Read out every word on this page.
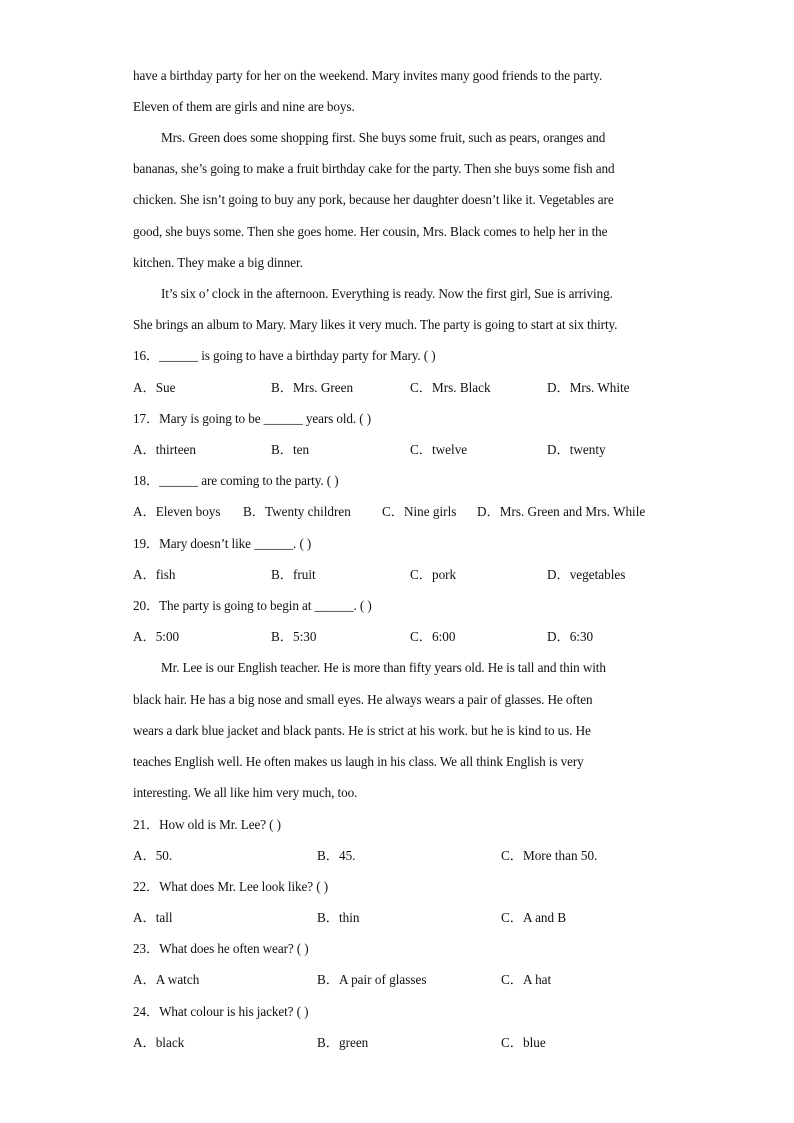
have a birthday party for her on the weekend. Mary invites many good friends to the party.
Eleven of them are girls and nine are boys.
Mrs. Green does some shopping first. She buys some fruit, such as pears, oranges and
bananas, she’s going to make a fruit birthday cake for the party. Then she buys some fish and
chicken. She isn’t going to buy any pork, because her daughter doesn’t like it. Vegetables are
good, she buys some. Then she goes home. Her cousin, Mrs. Black comes to help her in the
kitchen. They make a big dinner.
It’s six o’ clock in the afternoon. Everything is ready. Now the first girl, Sue is arriving.
She brings an album to Mary. Mary likes it very much. The party is going to start at six thirty.
16．______ is going to have a birthday party for Mary. ( )
A．Sue	B．Mrs. Green	C．Mrs. Black	D．Mrs. White
17．Mary is going to be ______ years old. ( )
A．thirteen	B．ten	C．twelve	D．twenty
18．______ are coming to the party. ( )
A．Eleven boys B．Twenty children C．Nine girls D．Mrs. Green and Mrs. While
19．Mary doesn’t like ______. ( )
A．fish	B．fruit	C．pork	D．vegetables
20．The party is going to begin at ______. ( )
A．5:00	B．5:30	C．6:00	D．6:30
Mr. Lee is our English teacher. He is more than fifty years old. He is tall and thin with
black hair. He has a big nose and small eyes. He always wears a pair of glasses. He often
wears a dark blue jacket and black pants. He is strict at his work. but he is kind to us. He
teaches English well. He often makes us laugh in his class. We all think English is very
interesting. We all like him very much, too.
21．How old is Mr. Lee? ( )
A．50.	B．45.	C．More than 50.
22．What does Mr. Lee look like? ( )
A．tall	B．thin	C．A and B
23．What does he often wear? ( )
A．A watch	B．A pair of glasses	C．A hat
24．What colour is his jacket? ( )
A．black	B．green	C．blue
